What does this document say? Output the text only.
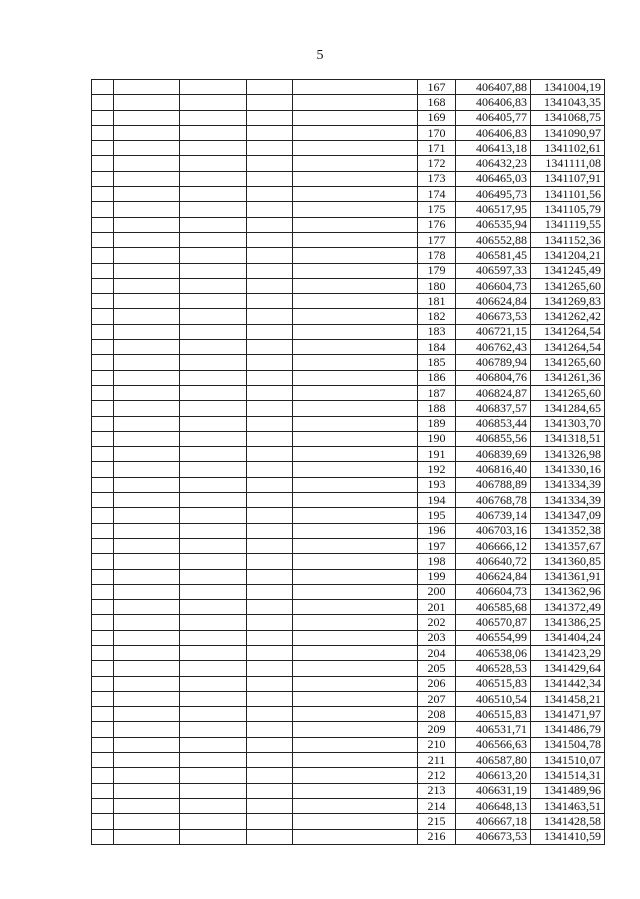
5
					167	406407,88	1341004,19
					168	406406,83	1341043,35
					169	406405,77	1341068,75
					170	406406,83	1341090,97
					171	406413,18	1341102,61
					172	406432,23	1341111,08
					173	406465,03	1341107,91
					174	406495,73	1341101,56
					175	406517,95	1341105,79
					176	406535,94	1341119,55
					177	406552,88	1341152,36
					178	406581,45	1341204,21
					179	406597,33	1341245,49
					180	406604,73	1341265,60
					181	406624,84	1341269,83
					182	406673,53	1341262,42
					183	406721,15	1341264,54
					184	406762,43	1341264,54
					185	406789,94	1341265,60
					186	406804,76	1341261,36
					187	406824,87	1341265,60
					188	406837,57	1341284,65
					189	406853,44	1341303,70
					190	406855,56	1341318,51
					191	406839,69	1341326,98
					192	406816,40	1341330,16
					193	406788,89	1341334,39
					194	406768,78	1341334,39
					195	406739,14	1341347,09
					196	406703,16	1341352,38
					197	406666,12	1341357,67
					198	406640,72	1341360,85
					199	406624,84	1341361,91
					200	406604,73	1341362,96
					201	406585,68	1341372,49
					202	406570,87	1341386,25
					203	406554,99	1341404,24
					204	406538,06	1341423,29
					205	406528,53	1341429,64
					206	406515,83	1341442,34
					207	406510,54	1341458,21
					208	406515,83	1341471,97
					209	406531,71	1341486,79
					210	406566,63	1341504,78
					211	406587,80	1341510,07
					212	406613,20	1341514,31
					213	406631,19	1341489,96
					214	406648,13	1341463,51
					215	406667,18	1341428,58
					216	406673,53	1341410,59
